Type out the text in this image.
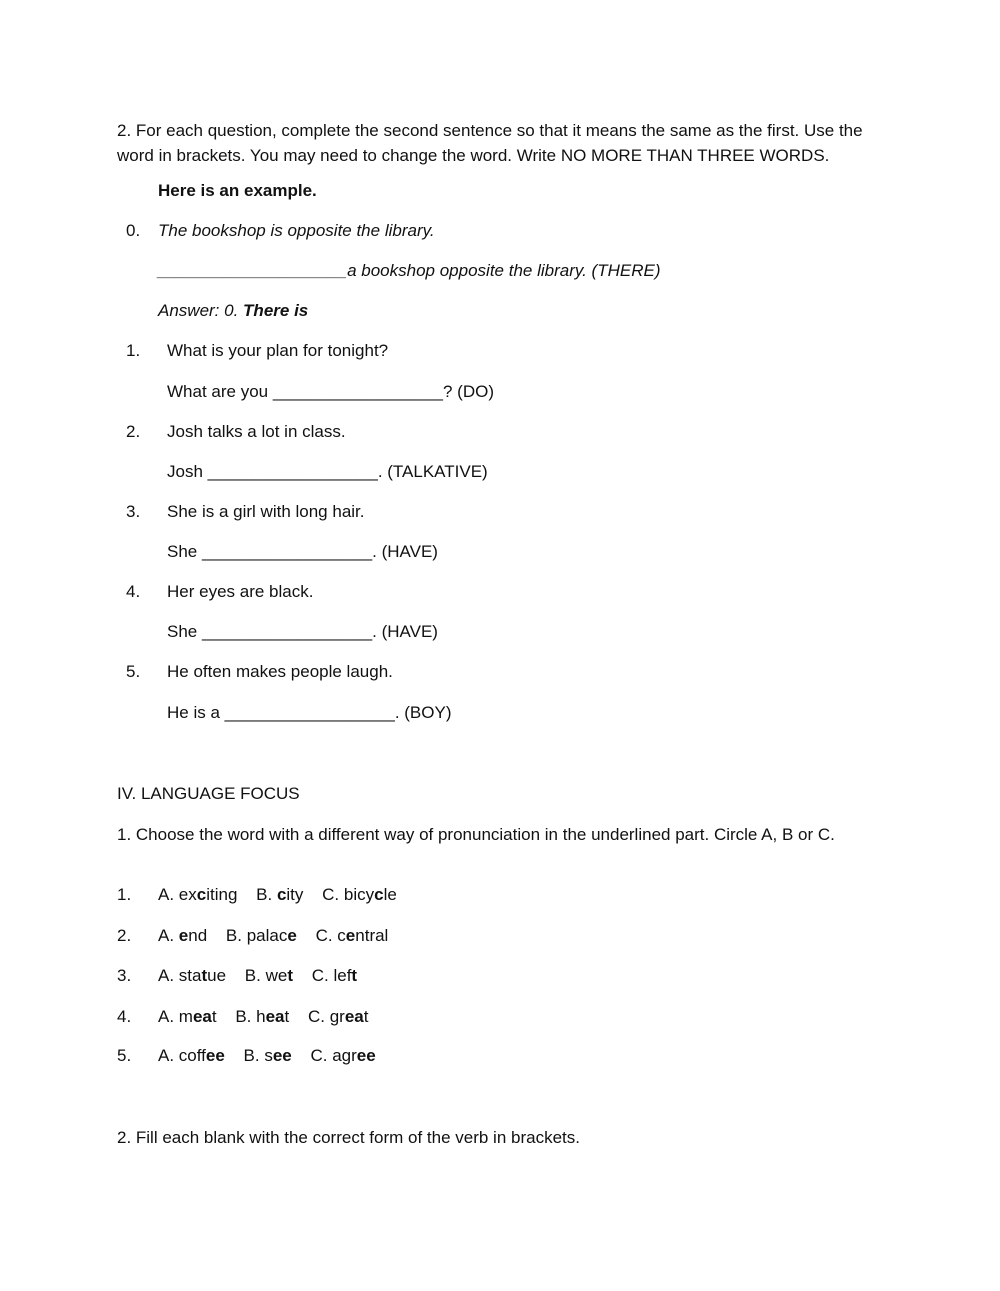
2. For each question, complete the second sentence so that it means the same as the first. Use the word in brackets. You may need to change the word. Write NO MORE THAN THREE WORDS.
Here is an example.
0. The bookshop is opposite the library.
____________________a bookshop opposite the library. (THERE)
Answer: 0. There is
1. What is your plan for tonight?
What are you __________________? (DO)
2. Josh talks a lot in class.
Josh __________________. (TALKATIVE)
3. She is a girl with long hair.
She __________________. (HAVE)
4. Her eyes are black.
She __________________. (HAVE)
5. He often makes people laugh.
He is a __________________. (BOY)
IV. LANGUAGE FOCUS
1. Choose the word with a different way of pronunciation in the underlined part. Circle A, B or C.
1. A. exciting B. city C. bicycle
2. A. end B. palace C. central
3. A. statue B. wet C. left
4. A. meat B. heat C. great
5. A. coffee B. see C. agree
2. Fill each blank with the correct form of the verb in brackets.
